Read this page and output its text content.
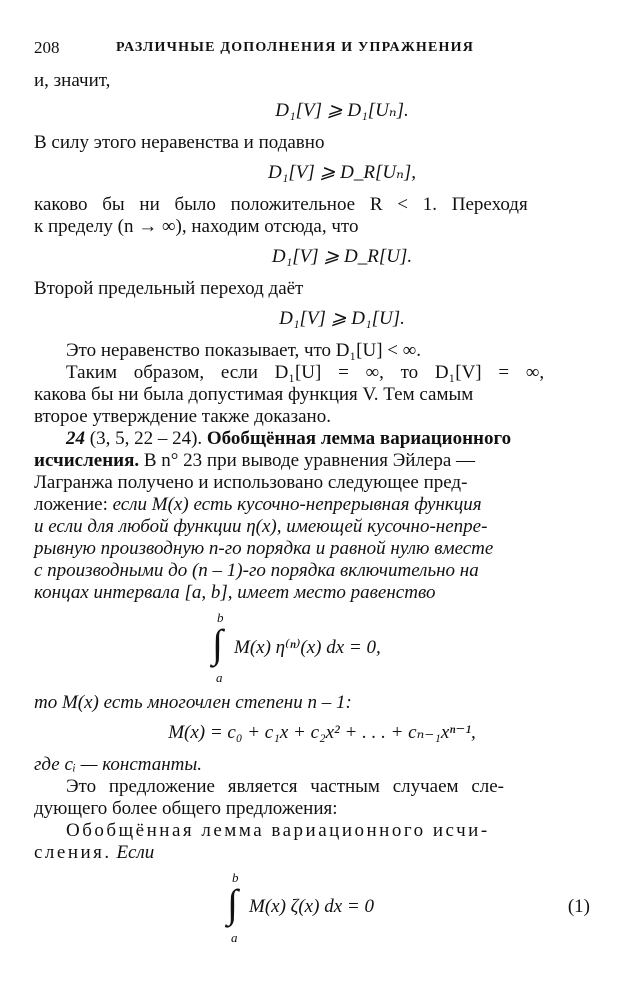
208	РАЗЛИЧНЫЕ ДОПОЛНЕНИЯ И УПРАЖНЕНИЯ
и, значит,
D₁[V] ⩾ D₁[Uₙ].
В силу этого неравенства и подавно
D₁[V] ⩾ D_R[Uₙ],
каково бы ни было положительное R < 1. Переходя
к пределу (n → ∞), находим отсюда, что
D₁[V] ⩾ D_R[U].
Второй предельный переход даёт
D₁[V] ⩾ D₁[U].
Это неравенство показывает, что D₁[U] < ∞.
Таким образом, если D₁[U] = ∞, то D₁[V] = ∞,
какова бы ни была допустимая функция V. Тем самым
второе утверждение также доказано.
24 (3, 5, 22 – 24). Обобщённая лемма вариационного
исчисления. В n° 23 при выводе уравнения Эйлера —
Лагранжа получено и использовано следующее пред-
ложение: если M(x) есть кусочно-непрерывная функция
и если для любой функции η(x), имеющей кусочно-непре-
рывную производную n-го порядка и равной нулю вместе
с производными до (n – 1)-го порядка включительно на
концах интервала [a, b], имеет место равенство
b
∫
a
M(x) η⁽ⁿ⁾(x) dx = 0,
то M(x) есть многочлен степени n – 1:
M(x) = c₀ + c₁x + c₂x² + . . . + cₙ₋₁xⁿ⁻¹,
где cᵢ — константы.
Это предложение является частным случаем сле-
дующего более общего предложения:
Обобщённая лемма вариационного исчи-
сления. Если
b
∫
a
M(x) ζ(x) dx = 0	(1)
